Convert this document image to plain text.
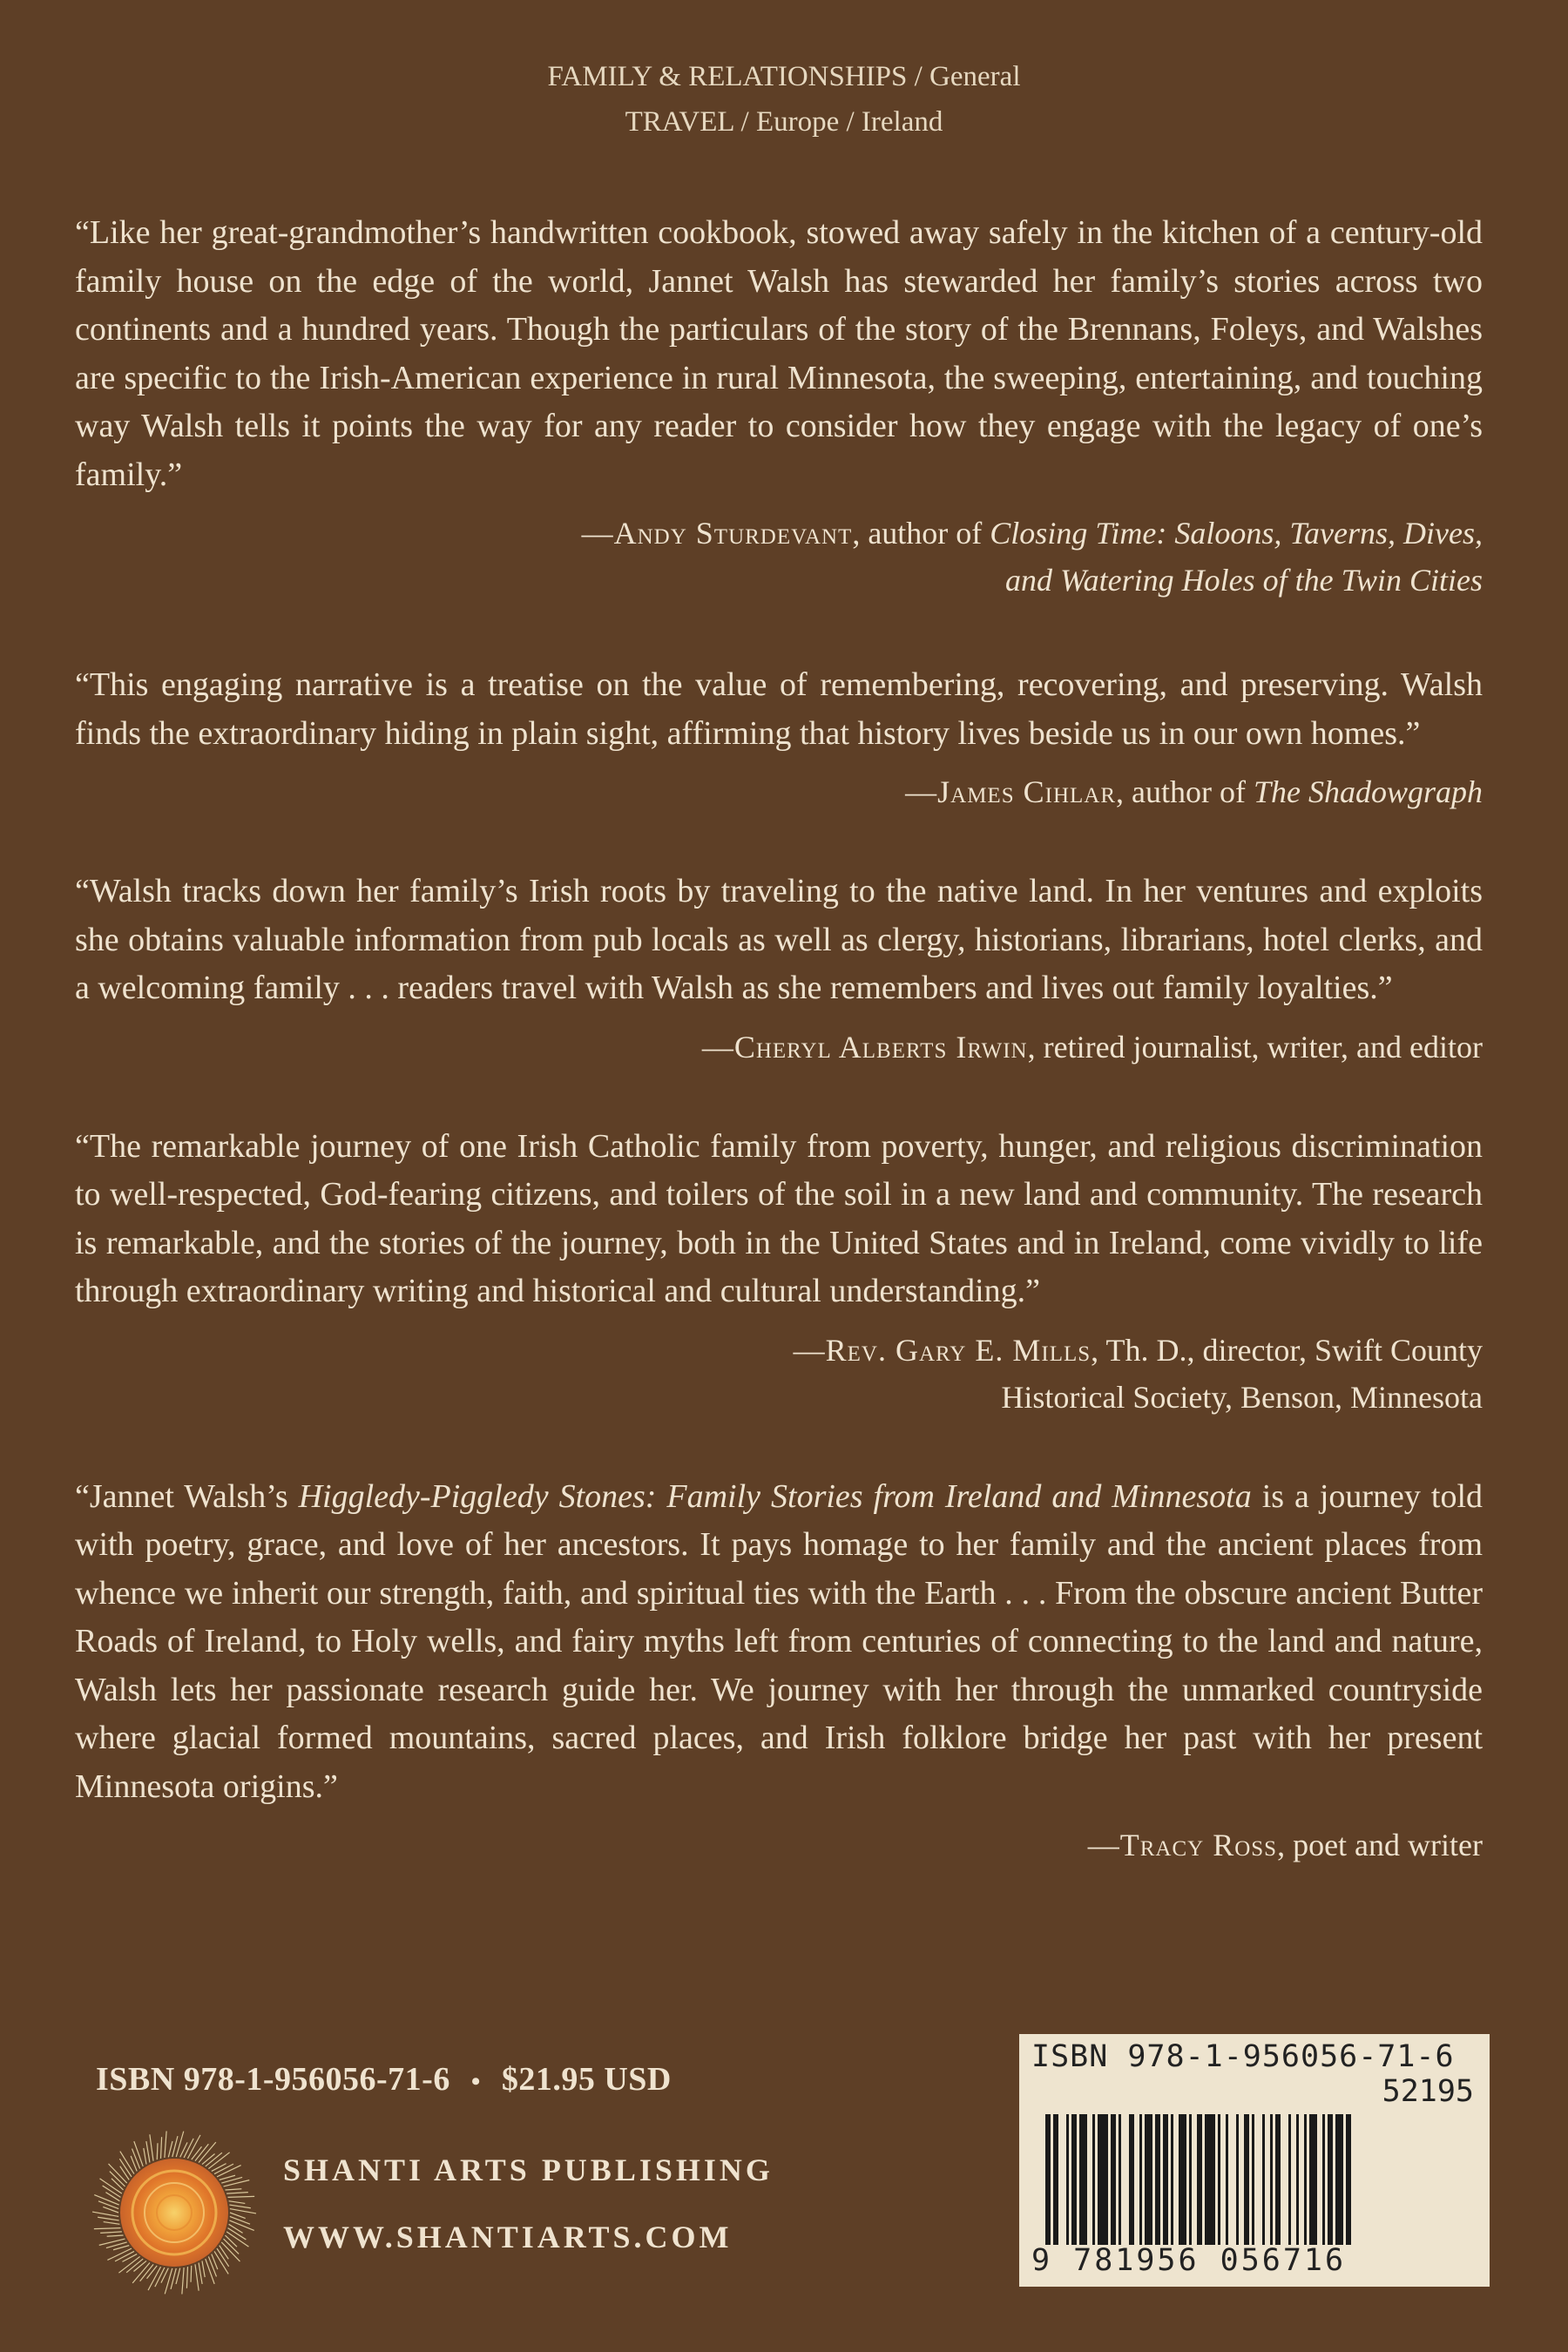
FAMILY & RELATIONSHIPS / General
TRAVEL / Europe / Ireland

“Like her great-grandmother’s handwritten cookbook, stowed away safely in the kitchen of a century-old family house on the edge of the world, Jannet Walsh has stewarded her family’s stories across two continents and a hundred years. Though the particulars of the story of the Brennans, Foleys, and Walshes are specific to the Irish-American experience in rural Minnesota, the sweeping, entertaining, and touching way Walsh tells it points the way for any reader to consider how they engage with the legacy of one’s family.”

—Andy Sturdevant, author of Closing Time: Saloons, Taverns, Dives,
and Watering Holes of the Twin Cities

“This engaging narrative is a treatise on the value of remembering, recovering, and preserving. Walsh finds the extraordinary hiding in plain sight, affirming that history lives beside us in our own homes.”

—James Cihlar, author of The Shadowgraph

“Walsh tracks down her family’s Irish roots by traveling to the native land. In her ventures and exploits she obtains valuable information from pub locals as well as clergy, historians, librarians, hotel clerks, and a welcoming family . . . readers travel with Walsh as she remembers and lives out family loyalties.”

—Cheryl Alberts Irwin, retired journalist, writer, and editor

“The remarkable journey of one Irish Catholic family from poverty, hunger, and religious discrimination to well-respected, God-fearing citizens, and toilers of the soil in a new land and community. The research is remarkable, and the stories of the journey, both in the United States and in Ireland, come vividly to life through extraordinary writing and historical and cultural understanding.”

—Rev. Gary E. Mills, Th. D., director, Swift County
Historical Society, Benson, Minnesota

“Jannet Walsh’s Higgledy-Piggledy Stones: Family Stories from Ireland and Minnesota is a journey told with poetry, grace, and love of her ancestors. It pays homage to her family and the ancient places from whence we inherit our strength, faith, and spiritual ties with the Earth . . . From the obscure ancient Butter Roads of Ireland, to Holy wells, and fairy myths left from centuries of connecting to the land and nature, Walsh lets her passionate research guide her. We journey with her through the unmarked countryside where glacial formed mountains, sacred places, and Irish folklore bridge her past with her present Minnesota origins.”

—Tracy Ross, poet and writer

ISBN 978-1-956056-71-6 • $21.95 USD
SHANTI ARTS PUBLISHING
WWW.SHANTIARTS.COM
ISBN 978-1-956056-71-6
52195
9 781956 056716
